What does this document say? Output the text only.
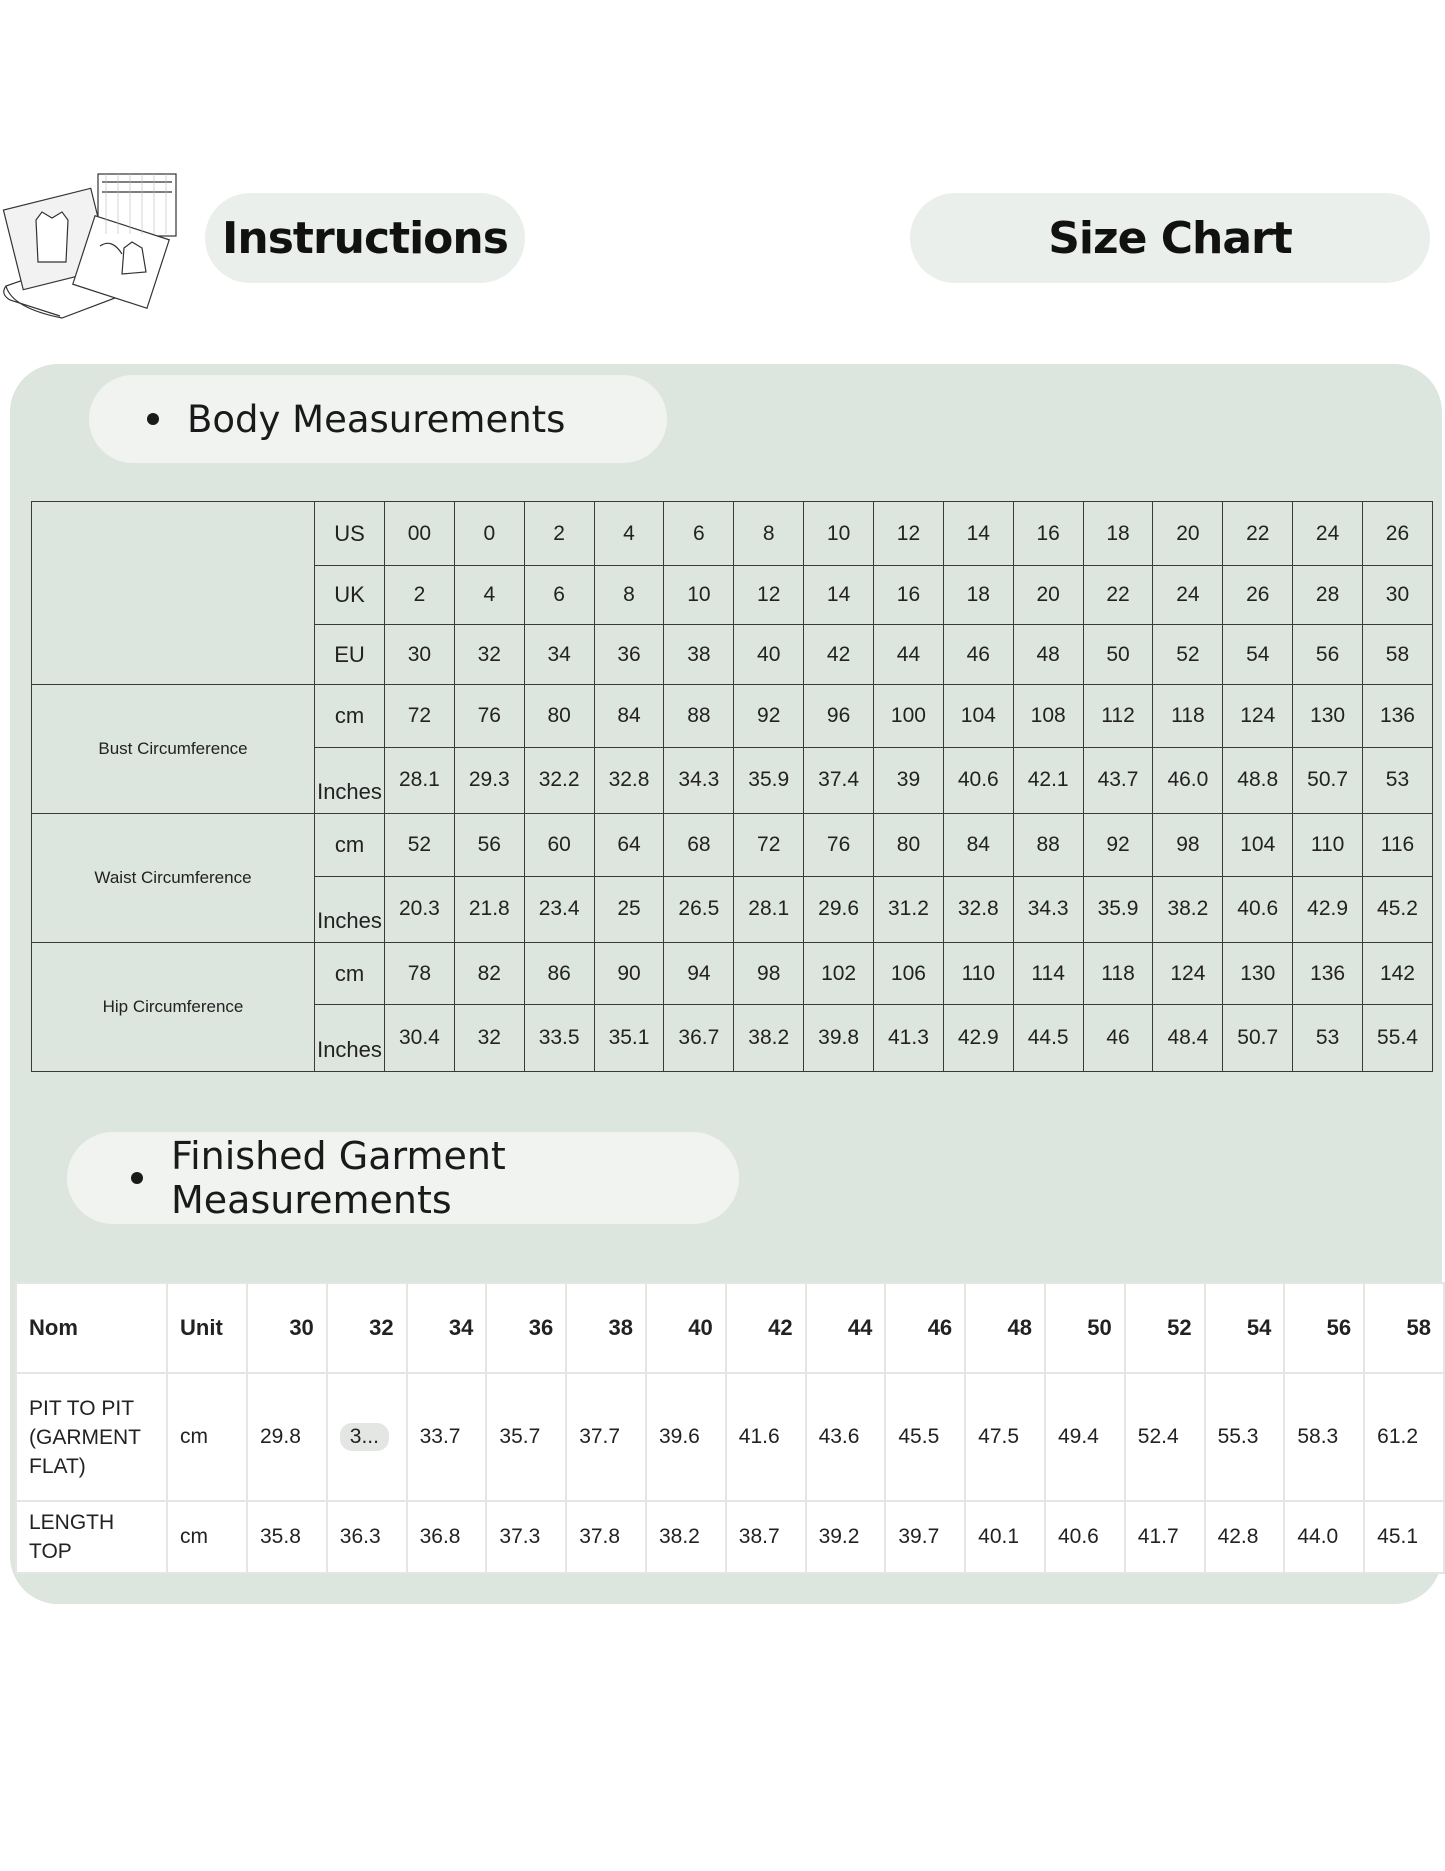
Instructions	Size Chart
Body Measurements
	US	00	0	2	4	6	8	10	12	14	16	18	20	22	24	26
	UK	2	4	6	8	10	12	14	16	18	20	22	24	26	28	30
	EU	30	32	34	36	38	40	42	44	46	48	50	52	54	56	58
Bust Circumference	cm	72	76	80	84	88	92	96	100	104	108	112	118	124	130	136
	Inches	28.1	29.3	32.2	32.8	34.3	35.9	37.4	39	40.6	42.1	43.7	46.0	48.8	50.7	53
Waist Circumference	cm	52	56	60	64	68	72	76	80	84	88	92	98	104	110	116
	Inches	20.3	21.8	23.4	25	26.5	28.1	29.6	31.2	32.8	34.3	35.9	38.2	40.6	42.9	45.2
Hip Circumference	cm	78	82	86	90	94	98	102	106	110	114	118	124	130	136	142
	Inches	30.4	32	33.5	35.1	36.7	38.2	39.8	41.3	42.9	44.5	46	48.4	50.7	53	55.4
Finished Garment Measurements
Nom	Unit	30	32	34	36	38	40	42	44	46	48	50	52	54	56	58

PIT TO PIT
(GARMENT
FLAT)	cm	29.8	3...	33.7	35.7	37.7	39.6	41.6	43.6	45.5	47.5	49.4	52.4	55.3	58.3	61.2

LENGTH
TOP	cm	35.8	36.3	36.8	37.3	37.8	38.2	38.7	39.2	39.7	40.1	40.6	41.7	42.8	44.0	45.1
